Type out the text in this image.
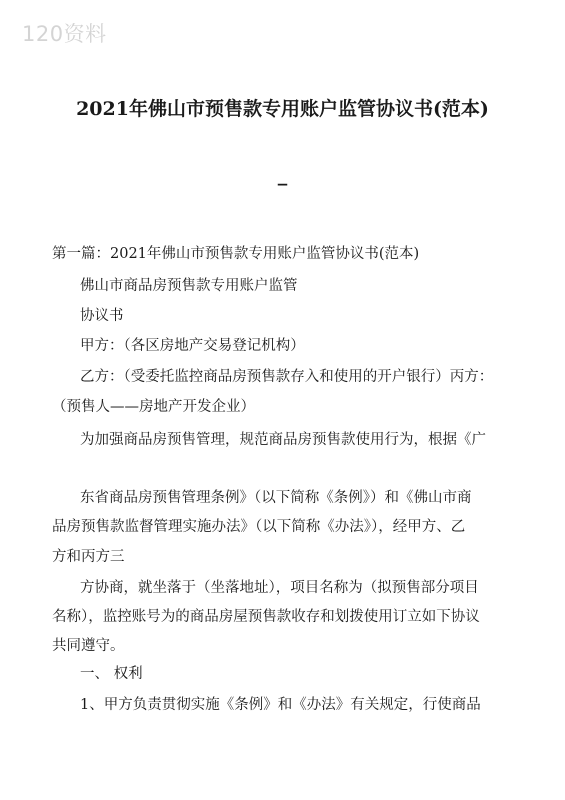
120资料
2021年佛山市预售款专用账户监管协议书(范本)
_
第一篇：2021年佛山市预售款专用账户监管协议书(范本)
佛山市商品房预售款专用账户监管
协议书
甲方：（各区房地产交易登记机构）
乙方：（受委托监控商品房预售款存入和使用的开户银行）丙方：
（预售人——房地产开发企业）
为加强商品房预售管理，规范商品房预售款使用行为，根据《广
东省商品房预售管理条例》（以下简称《条例》）和《佛山市商
品房预售款监督管理实施办法》（以下简称《办法》），经甲方、乙
方和丙方三
方协商，就坐落于（坐落地址），项目名称为（拟预售部分项目
名称），监控账号为的商品房屋预售款收存和划拨使用订立如下协议
共同遵守。
一、 权利
1、甲方负责贯彻实施《条例》和《办法》有关规定，行使商品
